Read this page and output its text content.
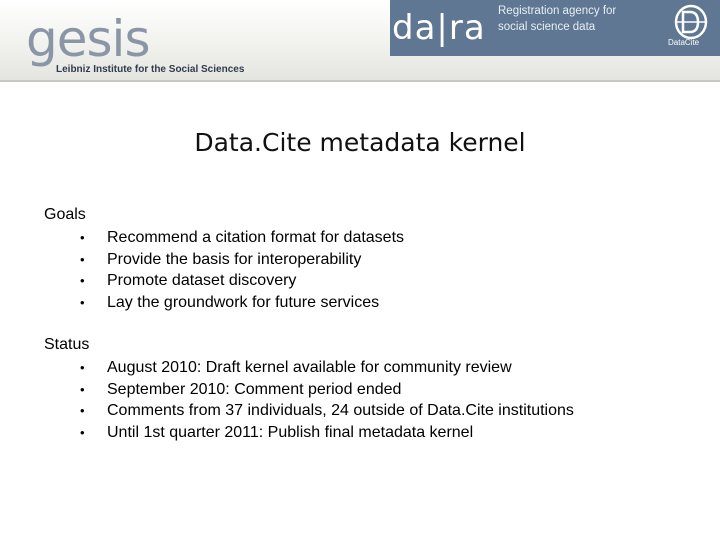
gesis
Leibniz Institute for the Social Sciences
da|ra Registration agency for social science data
DataCite
Data.Cite metadata kernel
Goals
• Recommend a citation format for datasets
• Provide the basis for interoperability
• Promote dataset discovery
• Lay the groundwork for future services
Status
• August 2010: Draft kernel available for community review
• September 2010: Comment period ended
• Comments from 37 individuals, 24 outside of Data.Cite institutions
• Until 1st quarter 2011: Publish final metadata kernel
